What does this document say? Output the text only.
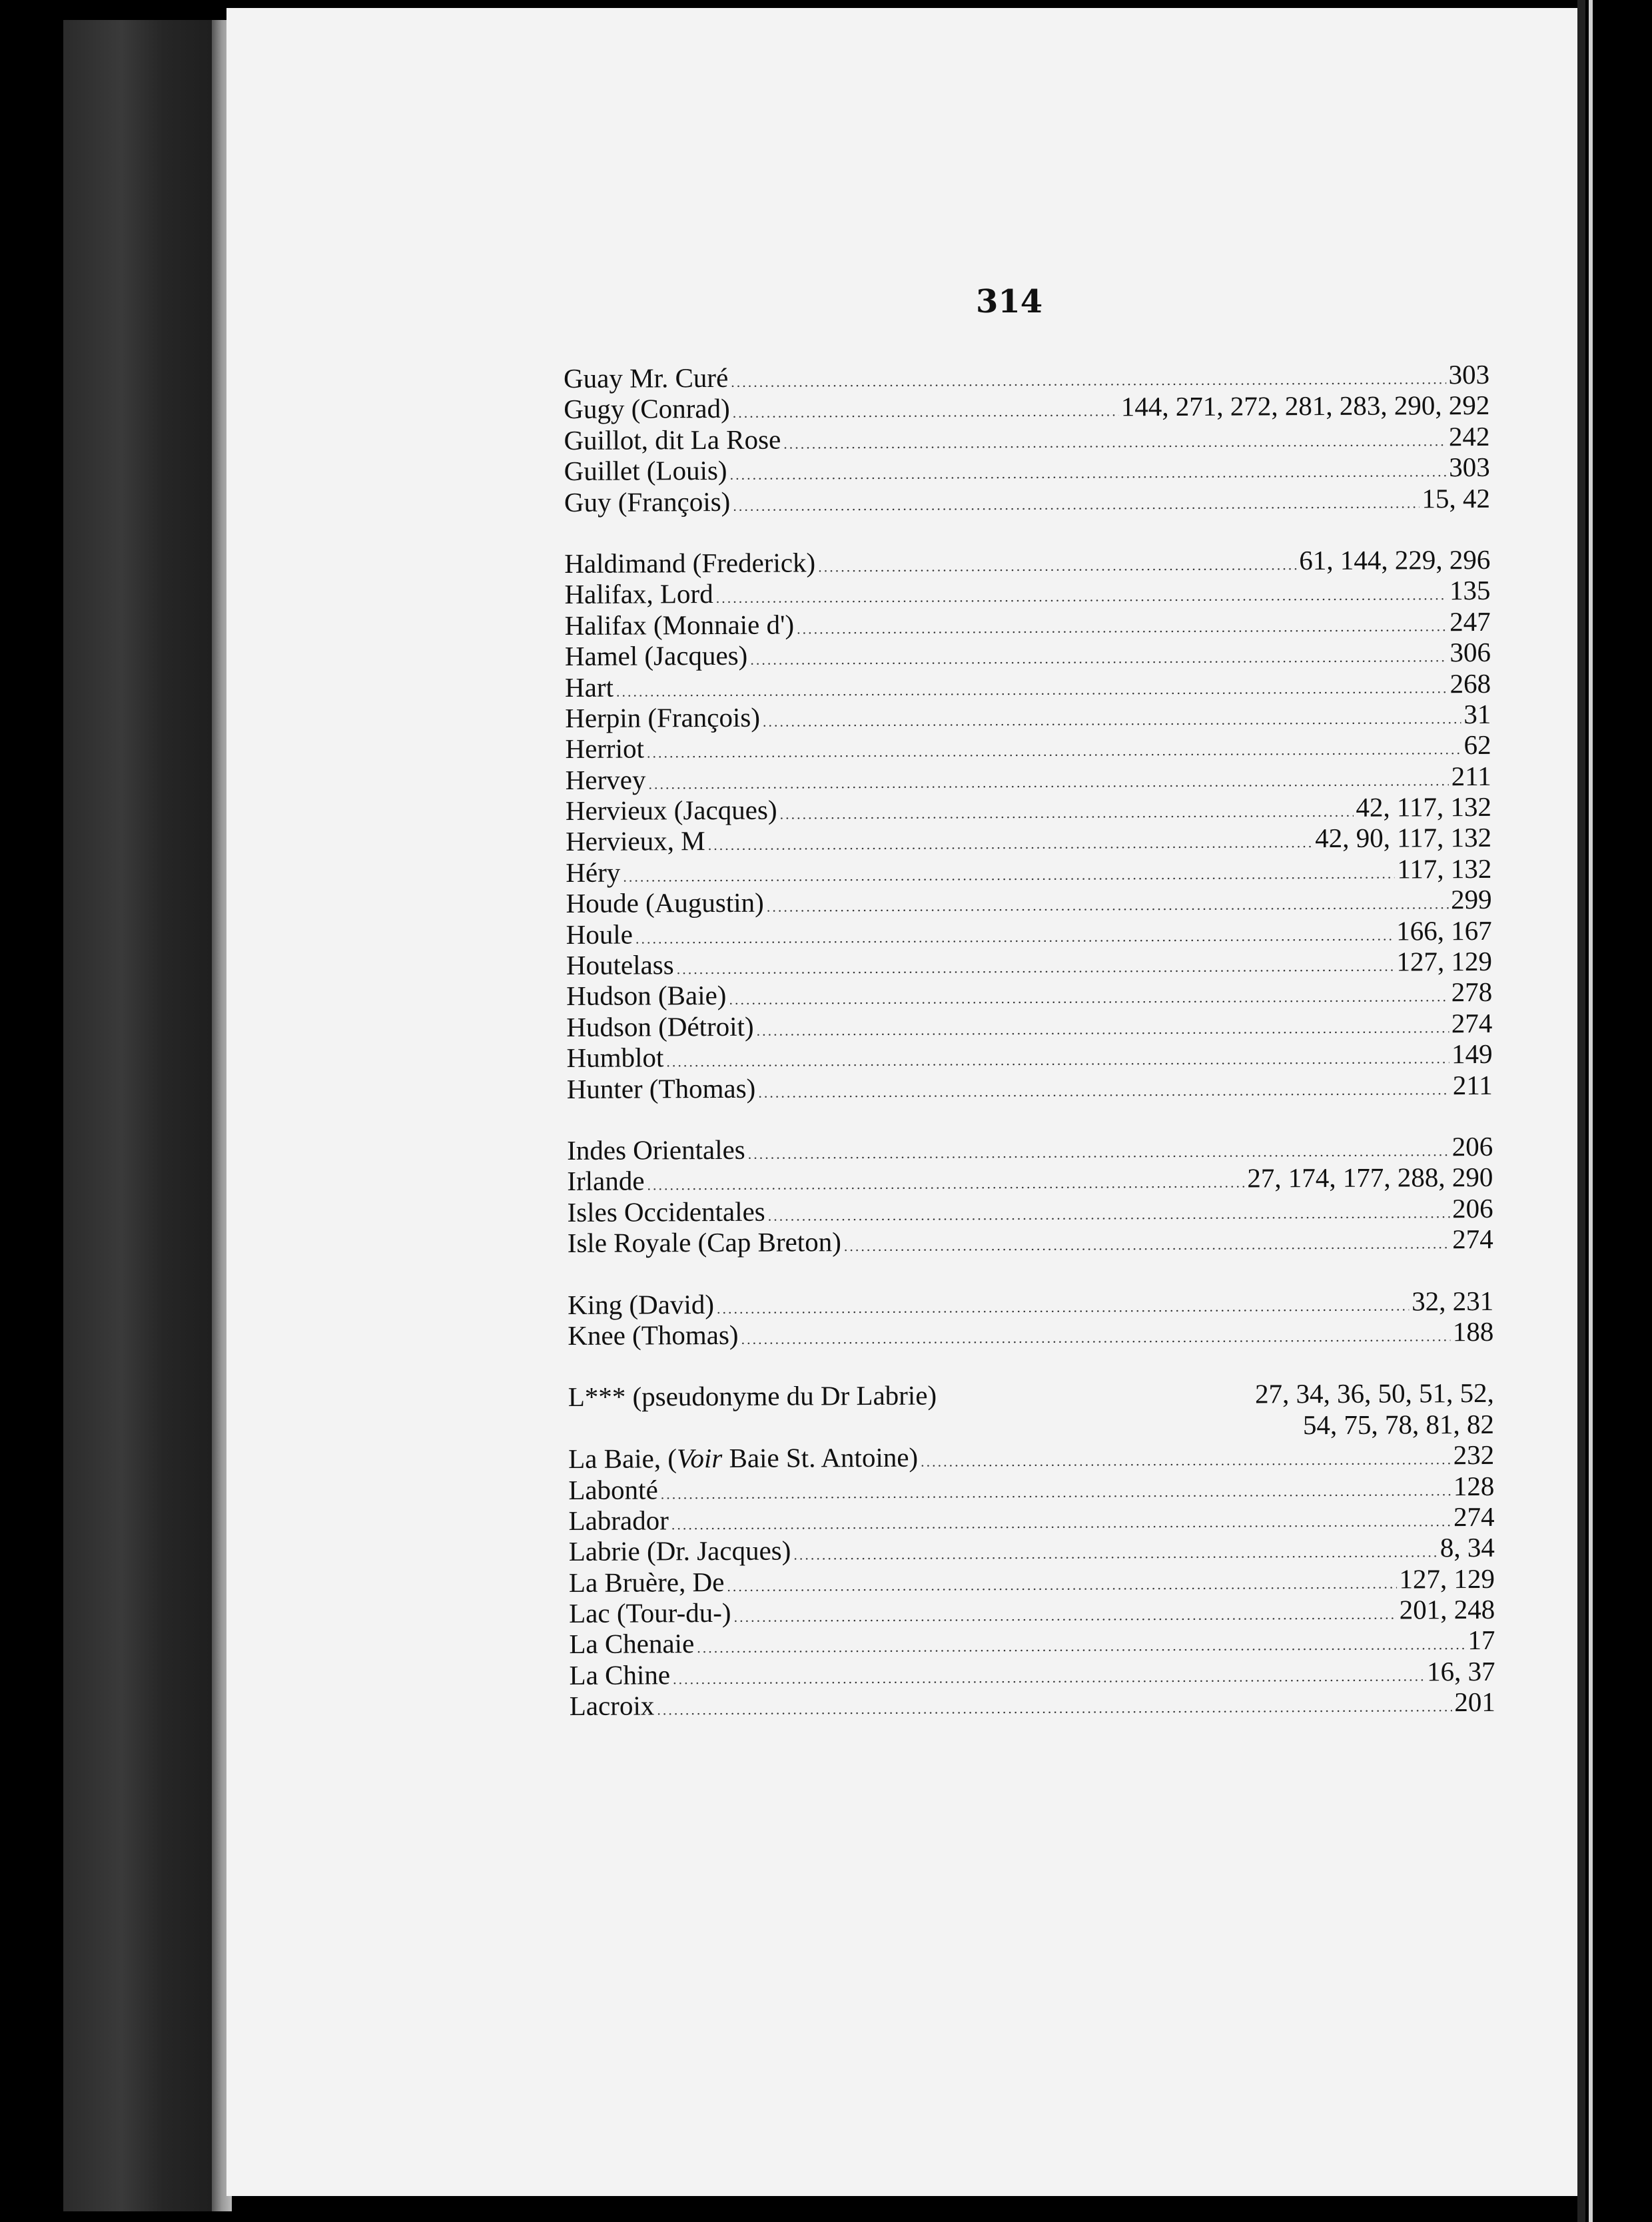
314
Guay Mr. Curé .....	303
Gugy (Conrad) .....	144, 271, 272, 281, 283, 290, 292
Guillot, dit La Rose .....	242
Guillet (Louis) .....	303
Guy (François) .....	15, 42
Haldimand (Frederick) .....	61, 144, 229, 296
Halifax, Lord .....	135
Halifax (Monnaie d') .....	247
Hamel (Jacques) .....	306
Hart .....	268
Herpin (François) .....	31
Herriot .....	62
Hervey .....	211
Hervieux (Jacques) .....	42, 117, 132
Hervieux, M .....	42, 90, 117, 132
Héry .....	117, 132
Houde (Augustin) .....	299
Houle .....	166, 167
Houtelass .....	127, 129
Hudson (Baie) .....	278
Hudson (Détroit) .....	274
Humblot .....	149
Hunter (Thomas) .....	211
Indes Orientales .....	206
Irlande .....	27, 174, 177, 288, 290
Isles Occidentales .....	206
Isle Royale (Cap Breton) .....	274
King (David) .....	32, 231
Knee (Thomas) .....	188
L*** (pseudonyme du Dr Labrie)	27, 34, 36, 50, 51, 52,
54, 75, 78, 81, 82
La Baie, (Voir Baie St. Antoine) .....	232
Labonté .....	128
Labrador .....	274
Labrie (Dr. Jacques) .....	8, 34
La Bruère, De .....	127, 129
Lac (Tour-du-) .....	201, 248
La Chenaie .....	17
La Chine .....	16, 37
Lacroix .....	201
